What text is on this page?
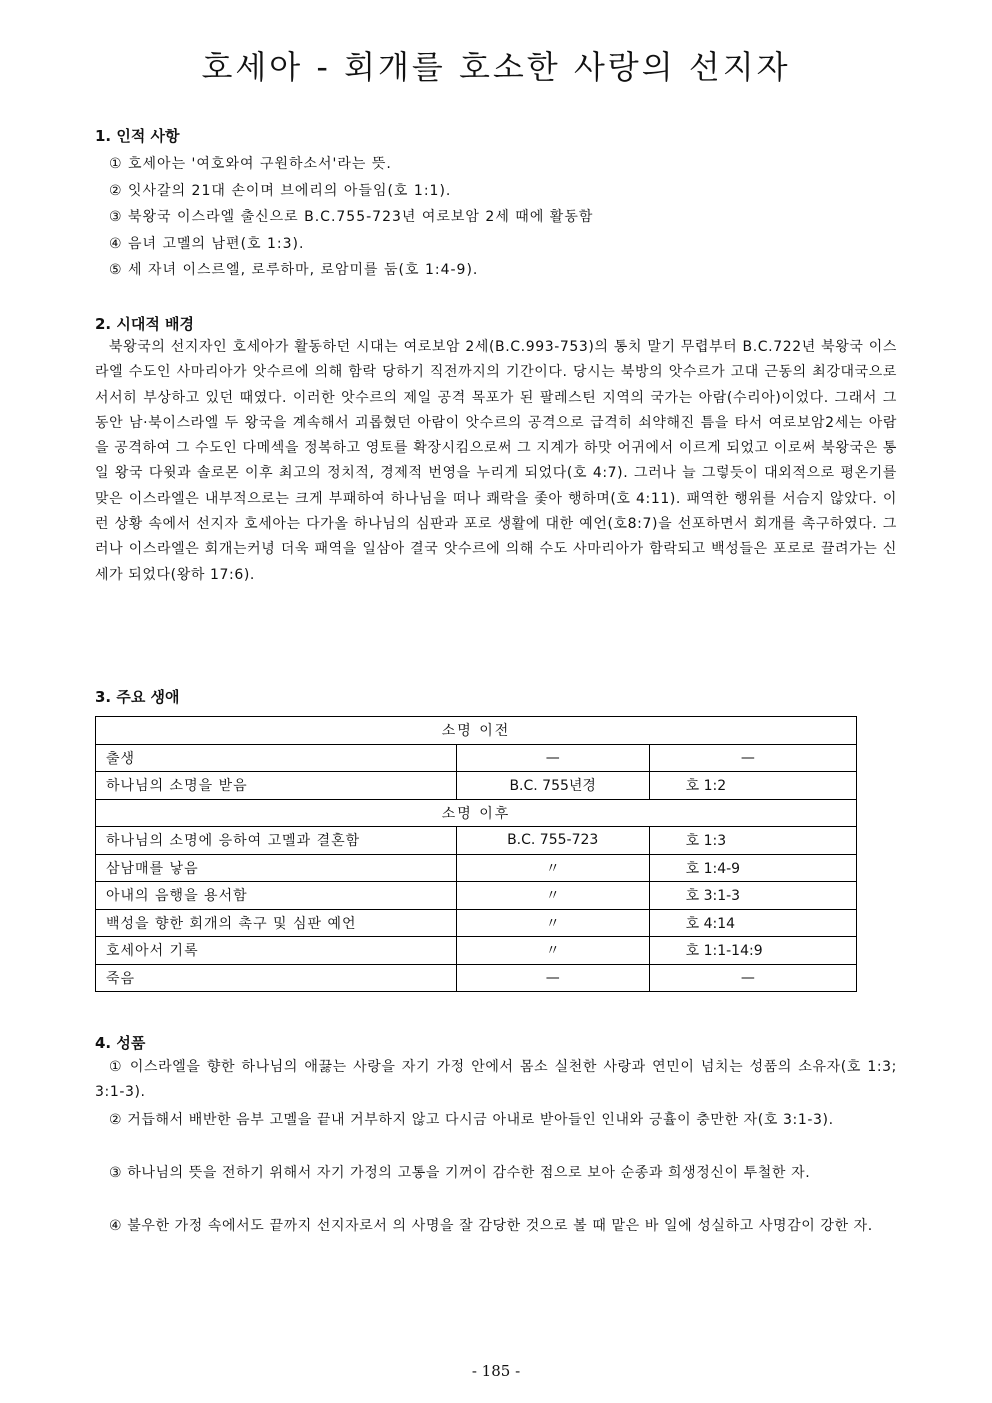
호세아 - 회개를 호소한 사랑의 선지자

1. 인적 사항

① 호세아는 '여호와여 구원하소서'라는 뜻.

② 잇사갈의 21대 손이며 브에리의 아들임(호 1:1).

③ 북왕국 이스라엘 출신으로 B.C.755-723년 여로보암 2세 때에 활동함

④ 음녀 고멜의 남편(호 1:3).

⑤ 세 자녀 이스르엘, 로루하마, 로암미를 둠(호 1:4-9).

2. 시대적 배경

북왕국의 선지자인 호세아가 활동하던 시대는 여로보암 2세(B.C.993-753)의 통치 말기 무렵부터 B.C.722년 북왕국 이스라엘 수도인 사마리아가 앗수르에 의해 함락 당하기 직전까지의 기간이다. 당시는 북방의 앗수르가 고대 근동의 최강대국으로 서서히 부상하고 있던 때였다. 이러한 앗수르의 제일 공격 목포가 된 팔레스틴 지역의 국가는 아람(수리아)이었다. 그래서 그 동안 남·북이스라엘 두 왕국을 계속해서 괴롭혔던 아람이 앗수르의 공격으로 급격히 쇠약해진 틈을 타서 여로보암2세는 아람을 공격하여 그 수도인 다메섹을 정복하고 영토를 확장시킴으로써 그 지계가 하맛 어귀에서 이르게 되었고 이로써 북왕국은 통일 왕국 다윗과 솔로몬 이후 최고의 정치적, 경제적 번영을 누리게 되었다(호 4:7). 그러나 늘 그렇듯이 대외적으로 평온기를 맞은 이스라엘은 내부적으로는 크게 부패하여 하나님을 떠나 쾌락을 좇아 행하며(호 4:11). 패역한 행위를 서슴지 않았다. 이런 상황 속에서 선지자 호세아는 다가올 하나님의 심판과 포로 생활에 대한 예언(호8:7)을 선포하면서 회개를 촉구하였다. 그러나 이스라엘은 회개는커녕 더욱 패역을 일삼아 결국 앗수르에 의해 수도 사마리아가 함락되고 백성들은 포로로 끌려가는 신세가 되었다(왕하 17:6).

3. 주요 생애

소명 이전		
출생	—	—
하나님의 소명을 받음	B.C. 755년경	호 1:2
소명 이후		
하나님의 소명에 응하여 고멜과 결혼함	B.C. 755-723	호 1:3
삼남매를 낳음	〃	호 1:4-9
아내의 음행을 용서함	〃	호 3:1-3
백성을 향한 회개의 촉구 및 심판 예언	〃	호 4:14
호세아서 기록	〃	호 1:1-14:9
죽음	—	—

4. 성품

① 이스라엘을 향한 하나님의 애끓는 사랑을 자기 가정 안에서 몸소 실천한 사랑과 연민이 넘치는 성품의 소유자(호 1:3; 3:1-3).

② 거듭해서 배반한 음부 고멜을 끝내 거부하지 않고 다시금 아내로 받아들인 인내와 긍휼이 충만한 자(호 3:1-3).

③ 하나님의 뜻을 전하기 위해서 자기 가정의 고통을 기꺼이 감수한 점으로 보아 순종과 희생정신이 투철한 자.

④ 불우한 가정 속에서도 끝까지 선지자로서 의 사명을 잘 감당한 것으로 볼 때 맡은 바 일에 성실하고 사명감이 강한 자.

- 185 -
